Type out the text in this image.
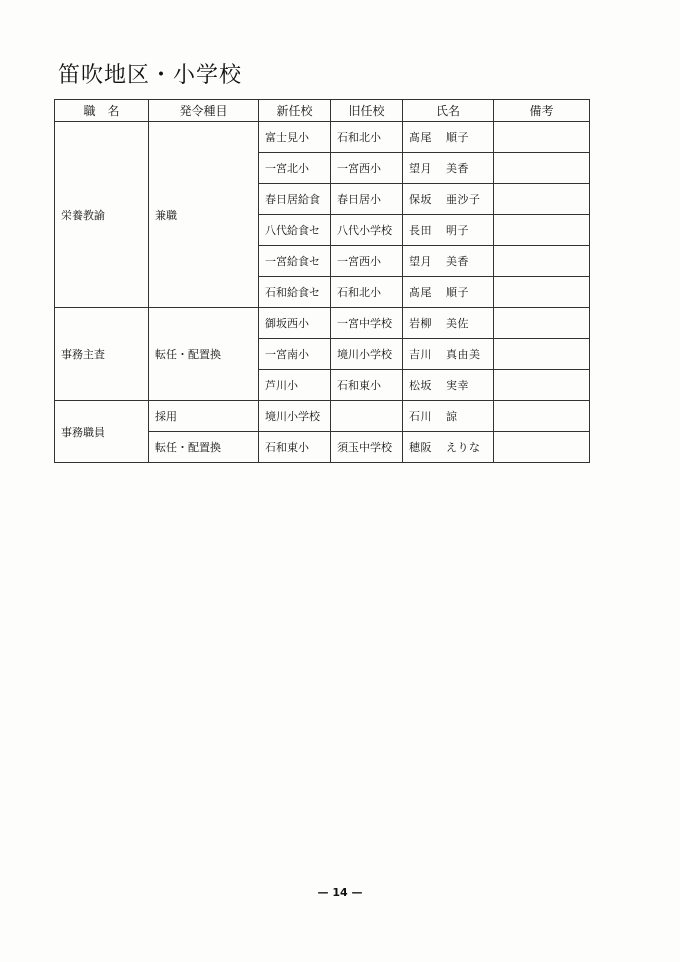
笛吹地区・小学校
職　名	発令種目	新任校	旧任校	氏名	備考
栄養教諭	兼職	富士見小	石和北小	髙尾 順子	
		一宮北小	一宮西小	望月 美香	
		春日居給食	春日居小	保坂 亜沙子	
		八代給食セ	八代小学校	長田 明子	
		一宮給食セ	一宮西小	望月 美香	
		石和給食セ	石和北小	髙尾 順子	
事務主査	転任・配置換	御坂西小	一宮中学校	岩柳 美佐	
		一宮南小	境川小学校	吉川 真由美	
		芦川小	石和東小	松坂 実幸	
事務職員	採用	境川小学校		石川 諒	
	転任・配置換	石和東小	須玉中学校	穂阪 えりな	
— 14 —
